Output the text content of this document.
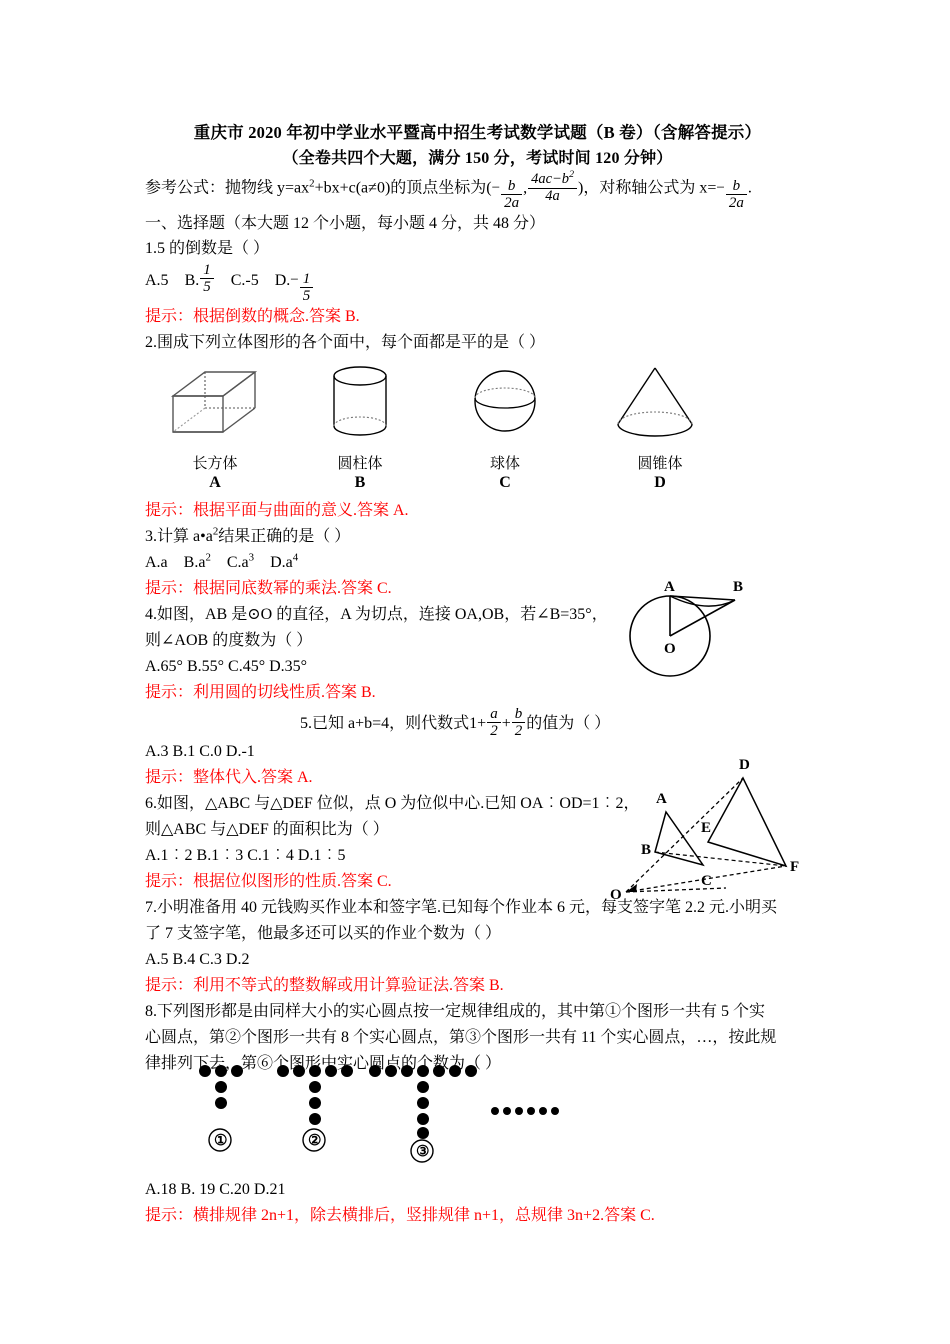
A	B
O
A
B
C
D
E
F
O
①	②
③
重庆市 2020 年初中学业水平暨高中招生考试数学试题（B 卷）（含解答提示）
（全卷共四个大题，满分 150 分，考试时间 120 分钟）
参考公式：抛物线 $y=ax^2+bx+c(a\ne 0)$的顶点坐标为(− $\frac{b}{2a}$ , $\frac{4ac-b^2}{4a}$ )，对称轴公式为 $x=- \frac{b}{2a}$ .
一、选择题（本大题 12 个小题，每小题 4 分，共 48 分）
1.5 的倒数是（ ）
A.5 B. $\frac{1}{5} C.-5$ $D.- \frac{1}{5}$
提示：根据倒数的概念.答案 B.
2.围成下列立体图形的各个面中，每个面都是平的是（ ）
长方体	圆柱体	球体	圆锥体
A	B	C	D
提示：根据平面与曲面的意义.答案 A.
3.计算 $a•a^2$结果正确的是（ ）
A.a $B.a^2$ $C.a^3$ $D.a^4$
提示：根据同底数幂的乘法.答案 C.
4.如图，AB 是⊙O 的直径，A 为切点，连接 OA,OB，若∠B=35°，
则∠AOB 的度数为（ ）
A.65° B.55° C.45° D.35°
提示：利用圆的切线性质.答案 B.
5.已知 a+b=4，则代数式$1+ \frac{a}{2} + \frac{b}{2}$ 的值为（ ）
A.3 B.1 C.0 D.-1
提示：整体代入.答案 A.
6.如图，△ABC 与△DEF 位似，点 O 为位似中心.已知 OA︰OD=1︰2，
则△ABC 与△DEF 的面积比为（ ）
A.1︰2 B.1︰3 C.1︰4 D.1︰5
提示：根据位似图形的性质.答案 C.
7.小明准备用 40 元钱购买作业本和签字笔.已知每个作业本 6 元，每支签字笔 2.2 元.小明买
了 7 支签字笔，他最多还可以买的作业个数为（ ）
A.5 B.4 C.3 D.2
提示：利用不等式的整数解或用计算验证法.答案 B.
8.下列图形都是由同样大小的实心圆点按一定规律组成的，其中第①个图形一共有 5 个实
心圆点，第②个图形一共有 8 个实心圆点，第③个图形一共有 11 个实心圆点，…，按此规
律排列下去，第⑥个图形中实心圆点的个数为（ ）
A.18 B. 19 C.20 D.21
提示：横排规律 2n+1，除去横排后，竖排规律 n+1，总规律 3n+2.答案 C.
